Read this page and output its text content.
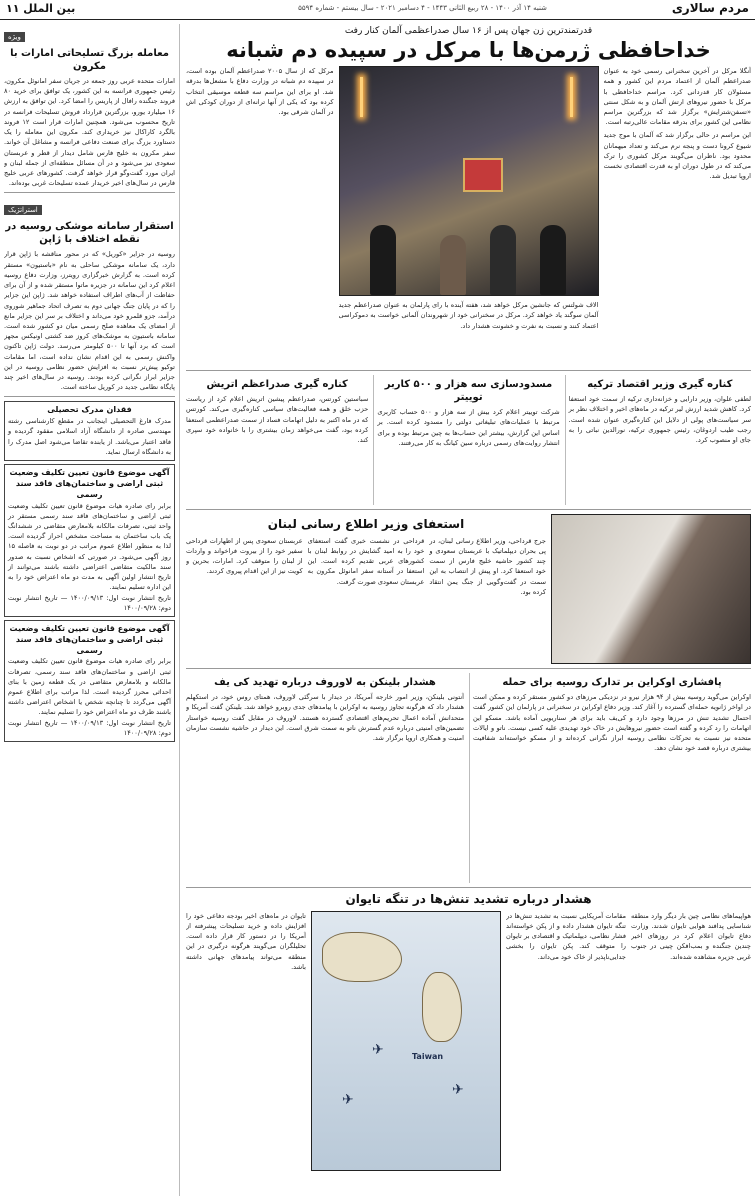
مردم سالاری
شنبه ۱۴ آذر ۱۴۰۰ - ۲۸ ربیع الثانی ۱۴۴۳ - ۴ دسامبر ۲۰۲۱ - سال بیستم - شماره ۵۵۹۴
بین الملل ۱۱
ویژه
معامله بزرگ تسلیحاتی امارات با مکرون
امارات متحده عربی روز جمعه در جریان سفر امانوئل مکرون، رئیس جمهوری فرانسه به این کشور، یک توافق برای خرید ۸۰ فروند جنگنده رافال از پاریس را امضا کرد. این توافق به ارزش ۱۶ میلیارد یورو، بزرگترین قرارداد فروش تسلیحات فرانسه در تاریخ محسوب می‌شود. همچنین امارات قرار است ۱۲ فروند بالگرد کاراکال نیز خریداری کند. مکرون این معامله را یک دستاورد بزرگ برای صنعت دفاعی فرانسه و مشاغل آن خواند. سفر مکرون به خلیج فارس شامل دیدار از قطر و عربستان سعودی نیز می‌شود و در آن مسائل منطقه‌ای از جمله لبنان و ایران مورد گفت‌وگو قرار خواهد گرفت. کشورهای عربی خلیج فارس در سال‌های اخیر خریدار عمده تسلیحات غربی بوده‌اند.
استراتژیک
استقرار سامانه موشکی روسیه در نقطه اختلاف با ژاپن
روسیه در جزایر «کوریل» که در محور مناقشه با ژاپن قرار دارد، یک سامانه موشکی ساحلی به نام «باستیون» مستقر کرده است. به گزارش خبرگزاری رویترز، وزارت دفاع روسیه اعلام کرد این سامانه در جزیره ماتوا مستقر شده و از آن برای حفاظت از آب‌های اطراف استفاده خواهد شد. ژاپن این جزایر را که در پایان جنگ جهانی دوم به تصرف اتحاد جماهیر شوروی درآمد، جزو قلمرو خود می‌داند و اختلاف بر سر این جزایر مانع از امضای یک معاهده صلح رسمی میان دو کشور شده است. سامانه باستیون به موشک‌های کروز ضد کشتی اونیکس مجهز است که برد آنها تا ۵۰۰ کیلومتر می‌رسد. دولت ژاپن تاکنون واکنش رسمی به این اقدام نشان نداده است، اما مقامات توکیو پیش‌تر نسبت به افزایش حضور نظامی روسیه در این جزایر ابراز نگرانی کرده بودند. روسیه در سال‌های اخیر چند پایگاه نظامی جدید در کوریل ساخته است.
فقدان مدرک تحصیلی
مدرک فارغ التحصیلی اینجانب در مقطع کارشناسی رشته مهندسی صادره از دانشگاه آزاد اسلامی مفقود گردیده و فاقد اعتبار می‌باشد. از یابنده تقاضا می‌شود اصل مدرک را به دانشگاه ارسال نماید.
آگهی موضوع قانون تعیین تکلیف وضعیت ثبتی اراضی و ساختمان‌های فاقد سند رسمی
برابر رای صادره هیات موضوع قانون تعیین تکلیف وضعیت ثبتی اراضی و ساختمان‌های فاقد سند رسمی مستقر در واحد ثبتی، تصرفات مالکانه بلامعارض متقاضی در ششدانگ یک باب ساختمان به مساحت مشخص احراز گردیده است. لذا به منظور اطلاع عموم مراتب در دو نوبت به فاصله ۱۵ روز آگهی می‌شود. در صورتی که اشخاص نسبت به صدور سند مالکیت متقاضی اعتراضی داشته باشند می‌توانند از تاریخ انتشار اولین آگهی به مدت دو ماه اعتراض خود را به این اداره تسلیم نمایند.
تاریخ انتشار نوبت اول: ۱۴۰۰/۰۹/۱۳ — تاریخ انتشار نوبت دوم: ۱۴۰۰/۰۹/۲۸
آگهی موضوع قانون تعیین تکلیف وضعیت ثبتی اراضی و ساختمان‌های فاقد سند رسمی
برابر رای صادره هیات موضوع قانون تعیین تکلیف وضعیت ثبتی اراضی و ساختمان‌های فاقد سند رسمی، تصرفات مالکانه و بلامعارض متقاضی در یک قطعه زمین با بنای احداثی محرز گردیده است. لذا مراتب برای اطلاع عموم آگهی می‌گردد تا چنانچه شخص یا اشخاص اعتراضی داشته باشند ظرف دو ماه اعتراض خود را تسلیم نمایند.
تاریخ انتشار نوبت اول: ۱۴۰۰/۰۹/۱۳ — تاریخ انتشار نوبت دوم: ۱۴۰۰/۰۹/۲۸
قدرتمندترین زن جهان پس از ۱۶ سال صدراعظمی آلمان کنار رفت
خداحافظی ژرمن‌ها با مرکل در سپیده دم شبانه
آنگلا مرکل در آخرین سخنرانی رسمی خود به عنوان صدراعظم آلمان از اعتماد مردم این کشور و همه مسئولان کار قدردانی کرد. مراسم خداحافظی با مرکل با حضور نیروهای ارتش آلمان و به شکل سنتی «تسفن‌شترایش» برگزار شد که بزرگترین مراسم نظامی این کشور برای بدرقه مقامات عالی‌رتبه است.
این مراسم در حالی برگزار شد که آلمان با موج جدید شیوع کرونا دست و پنجه نرم می‌کند و تعداد میهمانان محدود بود. ناظران می‌گویند مرکل کشوری را ترک می‌کند که در طول دوران او به قدرت اقتصادی نخست اروپا تبدیل شد.
الاف شولتس که جانشین مرکل خواهد شد، هفته آینده با رای پارلمان به عنوان صدراعظم جدید آلمان سوگند یاد خواهد کرد. مرکل در سخنرانی خود از شهروندان آلمانی خواست به دموکراسی اعتماد کنند و نسبت به نفرت و خشونت هشدار داد.
مرکل که از سال ۲۰۰۵ صدراعظم آلمان بوده است، در سپیده دم شبانه در وزارت دفاع با مشعل‌ها بدرقه شد. او برای این مراسم سه قطعه موسیقی انتخاب کرده بود که یکی از آنها ترانه‌ای از دوران کودکی اش در آلمان شرقی بود.
کناره گیری وزیر اقتصاد ترکیه
لطفی علوان، وزیر دارایی و خزانه‌داری ترکیه از سمت خود استعفا کرد. کاهش شدید ارزش لیر ترکیه در ماه‌های اخیر و اختلاف نظر بر سر سیاست‌های پولی از دلایل این کناره‌گیری عنوان شده است. رجب طیب اردوغان، رئیس جمهوری ترکیه، نورالدین نباتی را به جای او منصوب کرد.
مسدودسازی سه هزار و ۵۰۰ کاربر توییتر
شرکت توییتر اعلام کرد بیش از سه هزار و ۵۰۰ حساب کاربری مرتبط با عملیات‌های تبلیغاتی دولتی را مسدود کرده است. بر اساس این گزارش، بیشتر این حساب‌ها به چین مرتبط بوده و برای انتشار روایت‌های رسمی درباره سین کیانگ به کار می‌رفتند.
کناره گیری صدراعظم اتریش
سباستین کورتس، صدراعظم پیشین اتریش اعلام کرد از ریاست حزب خلق و همه فعالیت‌های سیاسی کناره‌گیری می‌کند. کورتس که در ماه اکتبر به دلیل اتهامات فساد از سمت صدراعظمی استعفا کرده بود، گفت می‌خواهد زمان بیشتری را با خانواده خود سپری کند.
استعفای وزیر اطلاع رسانی لبنان
جرج قرداحی، وزیر اطلاع رسانی لبنان، در پی بحران دیپلماتیک با عربستان سعودی و چند کشور حاشیه خلیج فارس از سمت خود استعفا کرد. او پیش از انتصاب به این سمت در گفت‌وگویی از جنگ یمن انتقاد کرده بود.
قرداحی در نشست خبری گفت استعفای خود را به امید گشایش در روابط لبنان با کشورهای عربی تقدیم کرده است. این استعفا در آستانه سفر امانوئل مکرون به عربستان سعودی صورت گرفت.
عربستان سعودی پس از اظهارات قرداحی سفیر خود را از بیروت فراخواند و واردات از لبنان را متوقف کرد. امارات، بحرین و کویت نیز از این اقدام پیروی کردند.
پافشاری اوکراین بر تدارک روسیه برای حمله
اوکراین می‌گوید روسیه بیش از ۹۴ هزار نیرو در نزدیکی مرزهای دو کشور مستقر کرده و ممکن است در اواخر ژانویه حمله‌ای گسترده را آغاز کند. وزیر دفاع اوکراین در سخنرانی در پارلمان این کشور گفت احتمال تشدید تنش در مرزها وجود دارد و کی‌یف باید برای هر سناریویی آماده باشد. مسکو این اتهامات را رد کرده و گفته است حضور نیروهایش در خاک خود تهدیدی علیه کسی نیست. ناتو و ایالات متحده نیز نسبت به تحرکات نظامی روسیه ابراز نگرانی کرده‌اند و از مسکو خواسته‌اند شفافیت بیشتری درباره قصد خود نشان دهد.
هشدار بلینکن به لاوروف درباره تهدید کی یف
آنتونی بلینکن، وزیر امور خارجه آمریکا، در دیدار با سرگئی لاوروف، همتای روس خود، در استکهلم هشدار داد که هرگونه تجاوز روسیه به اوکراین با پیامدهای جدی روبرو خواهد شد. بلینکن گفت آمریکا و متحدانش آماده اعمال تحریم‌های اقتصادی گسترده هستند. لاوروف در مقابل گفت روسیه خواستار تضمین‌های امنیتی درباره عدم گسترش ناتو به سمت شرق است. این دیدار در حاشیه نشست سازمان امنیت و همکاری اروپا برگزار شد.
هشدار درباره تشدید تنش‌ها در تنگه تایوان
هواپیماهای نظامی چین بار دیگر وارد منطقه شناسایی پدافند هوایی تایوان شدند. وزارت دفاع تایوان اعلام کرد در روزهای اخیر چندین جنگنده و بمب‌افکن چینی در جنوب غربی جزیره مشاهده شده‌اند.
مقامات آمریکایی نسبت به تشدید تنش‌ها در تنگه تایوان هشدار داده و از پکن خواسته‌اند فشار نظامی، دیپلماتیک و اقتصادی بر تایوان را متوقف کند. پکن تایوان را بخشی جدایی‌ناپذیر از خاک خود می‌داند.
✈
✈
✈
Taiwan
تایوان در ماه‌های اخیر بودجه دفاعی خود را افزایش داده و خرید تسلیحات پیشرفته از آمریکا را در دستور کار قرار داده است. تحلیلگران می‌گویند هرگونه درگیری در این منطقه می‌تواند پیامدهای جهانی داشته باشد.
